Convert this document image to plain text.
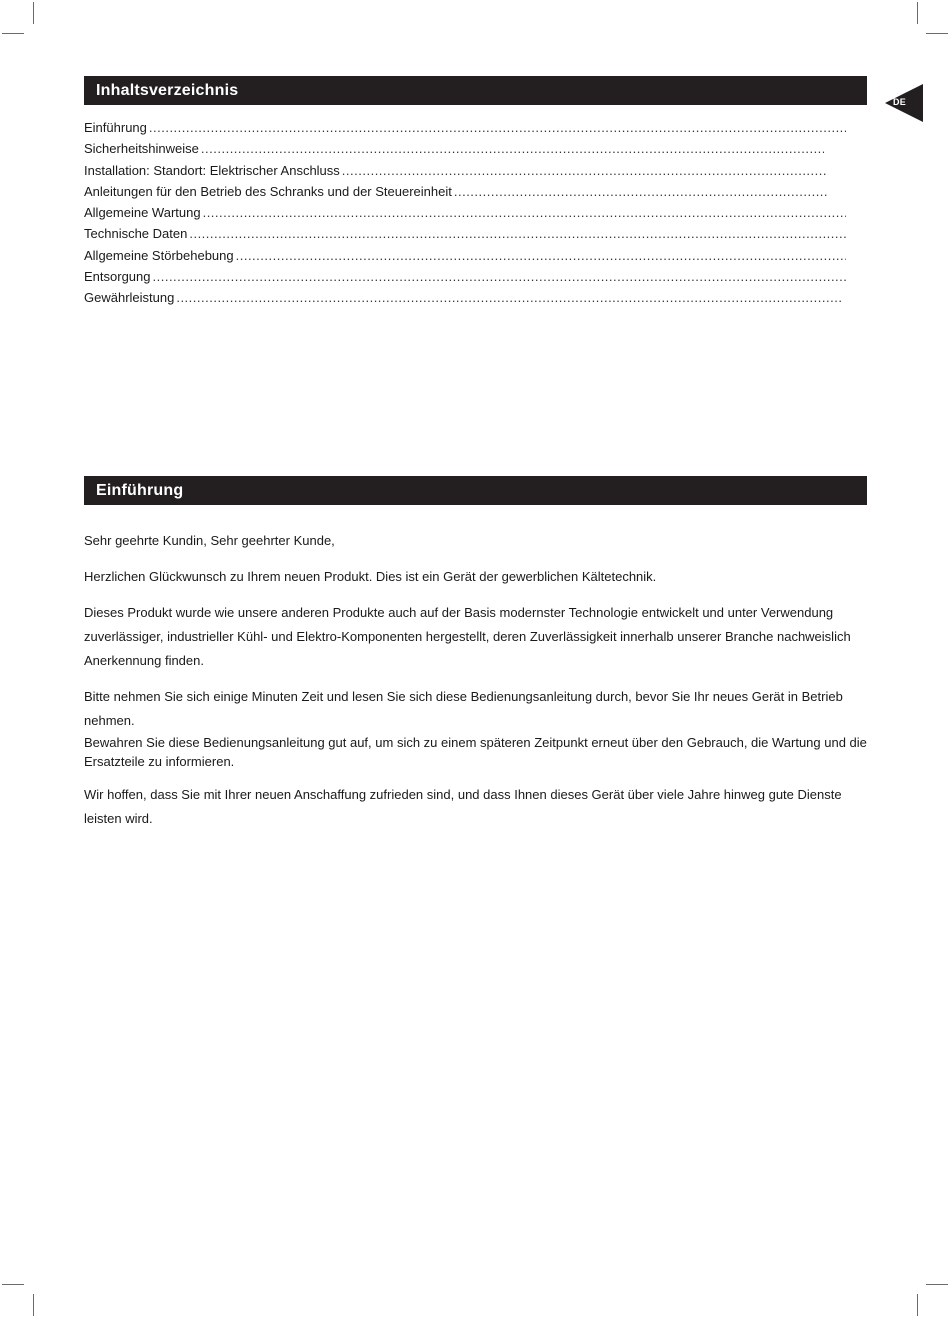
DE
Inhaltsverzeichnis
Einführung
.....
Sicherheitshinweise
.....
Installation: Standort: Elektrischer Anschluss
.....
Anleitungen für den Betrieb des Schranks und der Steuereinheit
.....
Allgemeine Wartung
.....
Technische Daten
.....
Allgemeine Störbehebung
.....
Entsorgung
.....
Gewährleistung
.....
Einführung

Sehr geehrte Kundin, Sehr geehrter Kunde,

Herzlichen Glückwunsch zu Ihrem neuen Produkt. Dies ist ein Gerät der gewerblichen Kältetechnik.

Dieses Produkt wurde wie unsere anderen Produkte auch auf der Basis modernster Technologie entwickelt und unter Verwendung zuverlässiger, industrieller Kühl- und Elektro-Komponenten hergestellt, deren Zuverlässigkeit innerhalb unserer Branche nachweislich Anerkennung finden.

Bitte nehmen Sie sich einige Minuten Zeit und lesen Sie sich diese Bedienungsanleitung durch, bevor Sie Ihr neues Gerät in Betrieb nehmen.

Bewahren Sie diese Bedienungsanleitung gut auf, um sich zu einem späteren Zeitpunkt erneut über den Gebrauch, die Wartung und die Ersatzteile zu informieren.

Wir hoffen, dass Sie mit Ihrer neuen Anschaffung zufrieden sind, und dass Ihnen dieses Gerät über viele Jahre hinweg gute Dienste leisten wird.
